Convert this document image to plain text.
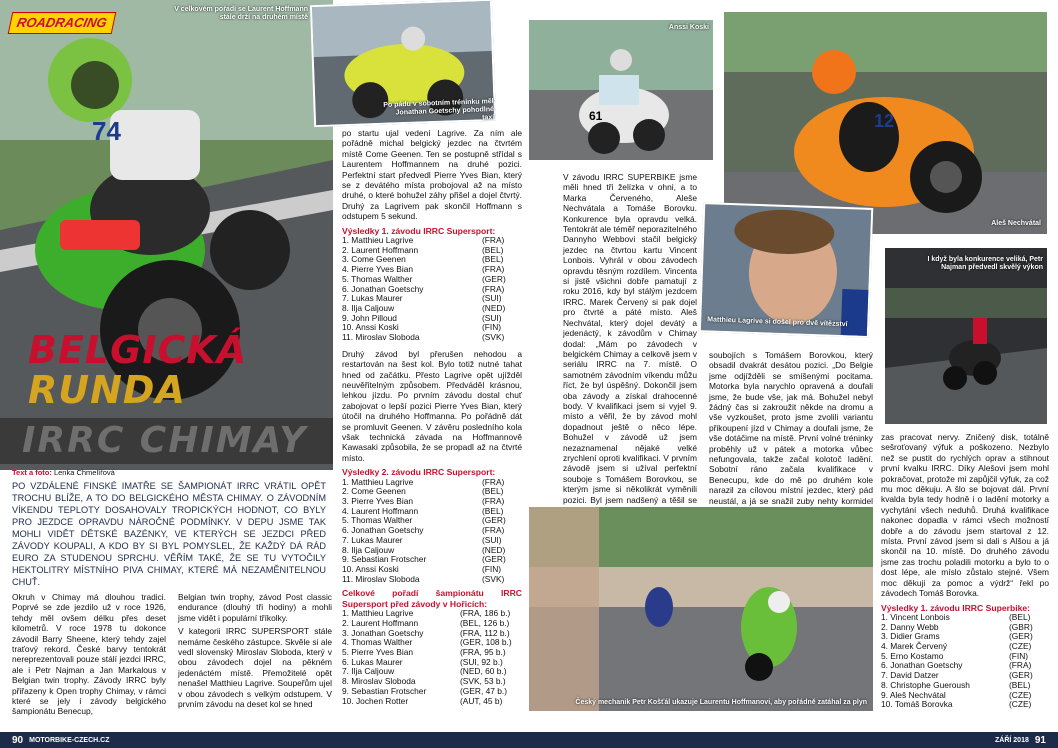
74
V celkovém pořadí se Laurent Hoffmann stále drží na druhém místě
Po pádu v sobotním tréninku měl Jonathan Goetschy pohodlné taxi
ROADRACING
BELGICKÁ
RUNDA
IRRC CHIMAY
Text a foto: Lenka Chmelířová
PO VZDÁLENÉ FINSKÉ IMATŘE SE ŠAMPIONÁT IRRC VRÁTIL OPĚT TROCHU BLÍŽE, A TO DO BELGICKÉHO MĚSTA CHIMAY. O ZÁVODNÍM VÍKENDU TEPLOTY DOSAHOVALY TROPICKÝCH HODNOT, CO BYLY PRO JEZDCE OPRAVDU NÁROČNÉ PODMÍNKY. V DEPU JSME TAK MOHLI VIDĚT DĚTSKÉ BAZÉNKY, VE KTERÝCH SE JEZDCI PŘED ZÁVODY KOUPALI, A KDO BY SI BYL POMYSLEL, ŽE KAŽDÝ DÁ RÁD EURO ZA STUDENOU SPRCHU. VĚŘÍM TAKÉ, ŽE SE TU VYTOČILY HEKTOLITRY MÍSTNÍHO PIVA CHIMAY, KTERÉ MÁ NEZAMĚNITELNOU CHUŤ.

Okruh v Chimay má dlouhou tradici. Poprvé se zde jezdilo už v roce 1926, tehdy měl ovšem délku přes deset kilometrů. V roce 1978 tu dokonce závodil Barry Sheene, který tehdy zajel traťový rekord. České barvy tentokrát nereprezentovali pouze stálí jezdci IRRC, ale i Petr Najman a Jan Markalous v Belgian twin trophy. Závody IRRC byly přiřazeny k Open trophy Chimay, v rámci které se jely i závody belgického šampionátu Benecup,

Belgian twin trophy, závod Post classic endurance (dlouhý tři hodiny) a mohli jsme vidět i populární tříkolky.

V kategorii IRRC SUPERSPORT stále nemáme českého zástupce. Skvěle si ale vedl slovenský Miroslav Sloboda, který v obou závodech dojel na pěkném jedenáctém místě. Přemožitelé opět nenašel Matthieu Lagrive. Soupeřům ujel v obou závodech s velkým odstupem. V prvním závodu na deset kol se hned

po startu ujal vedení Lagrive. Za ním ale pořádně michal belgický jezdec na čtvrtém místě Come Geenen. Ten se postupně střídal s Laurentem Hoffmannem na druhé pozici. Perfektní start předvedl Pierre Yves Bian, který se z devátého místa probojoval až na místo druhé, o které bohužel záhy přišel a dojel čtvrtý. Druhý za Lagrivem pak skončil Hoffmann s odstupem 5 sekund.

Výsledky 1. závodu IRRC Supersport:
1. Matthieu Lagrive	(FRA)
2. Laurent Hoffmann	(BEL)
3. Come Geenen	(BEL)
4. Pierre Yves Bian	(FRA)
5. Thomas Walther	(GER)
6. Jonathan Goetschy	(FRA)
7. Lukas Maurer	(SUI)
8. Ilja Caljouw	(NED)
9. John Pilloud	(SUI)
10. Anssi Koski	(FIN)
11. Miroslav Sloboda	(SVK)

Druhý závod byl přerušen nehodou a restartován na šest kol. Bylo totiž nutné tahat hned od začátku. Přesto Lagrive opět ujížděl neuvěřitelným způsobem. Předváděl krásnou, lehkou jízdu. Po prvním závodu dostal chuť zabojovat o lepší pozici Pierre Yves Bian, který útočil na druhého Hoffmanna. Po pořádně dát se promluvit Geenen. V závěru posledního kola však technická závada na Hoffmannově Kawasaki způsobila, že se propadl až na čtvrté místo.

Výsledky 2. závodu IRRC Supersport:
1. Matthieu Lagrive	(FRA)
2. Come Geenen	(BEL)
3. Pierre Yves Bian	(FRA)
4. Laurent Hoffmann	(BEL)
5. Thomas Walther	(GER)
6. Jonathan Goetschy	(FRA)
7. Lukas Maurer	(SUI)
8. Ilja Caljouw	(NED)
9. Sebastian Frotscher	(GER)
10. Anssi Koski	(FIN)
11. Miroslav Sloboda	(SVK)
Celkové pořadí šampionátu IRRC Supersport před závody v Hořicích:
1. Matthieu Lagrive	(FRA, 186 b.)
2. Laurent Hoffmann	(BEL, 126 b.)
3. Jonathan Goetschy	(FRA, 112 b.)
4. Thomas Walther	(GER, 108 b.)
5. Pierre Yves Bian	(FRA, 95 b.)
6. Lukas Maurer	(SUI, 92 b.)
7. Ilja Caljouw	(NED, 60 b.)
8. Miroslav Sloboda	(SVK, 53 b.)
9. Sebastian Frotscher	(GER, 47 b.)
10. Jochen Rotter	(AUT, 45 b)
90 MOTORBIKE-CZECH.CZ
61
Anssi Koski
12
Aleš Nechvátal
Matthieu Lagrive si došel pro dvě vítězství
I když byla konkurence veliká, Petr Najman předvedl skvělý výkon

V závodu IRRC SUPERBIKE jsme měli hned tři želízka v ohni, a to Marka Červeného, Aleše Nechvátala a Tomáše Borovku. Konkurence byla opravdu velká. Tentokrát ale téměř neporazitelného Dannyho Webbovi stačil belgický jezdec na čtvrtou kartu Vincent Lonbois. Vyhrál v obou závodech opravdu těsným rozdílem. Vincenta si jistě všichni dobře pamatují z roku 2016, kdy byl stálým jezdcem IRRC. Marek Červený si pak dojel pro čtvrté a páté místo. Aleš Nechvátal, který dojel devátý a jedenáctý, k závodům v Chimay dodal: „Mám po závodech v belgickém Chimay a celkově jsem v seriálu IRRC na 7. místě. O samotném závodním víkendu můžu říct, že byl úspěšný. Dokončil jsem oba závody a získal drahocenné body. V kvalifikaci jsem si vyjel 9. místo a věřil, že by závod mohl dopadnout ještě o něco lépe. Bohužel v závodě už jsem nezaznamenal nějaké velké zrychlení oproti kvalifikaci. V prvním závodě jsem si užíval perfektní souboje s Tomášem Borovkou, se kterým jsme si několikrát vyměnili pozici. Byl jsem nadšený a těšil se

soubojích s Tomášem Borovkou, který obsadil dvakrát desátou pozici. „Do Belgie jsme odjížděli se smíšenými pocitama. Motorka byla narychlo opravená a doufali jsme, že bude vše, jak má. Bohužel nebyl žádný čas si zakroužit někde na dromu a vše vyzkoušet, proto jsme zvolili variantu přikoupení jízd v Chimay a doufali jsme, že vše dotáčime na místě. První volné tréninky proběhly už v pátek a motorka vůbec nefungovala, takže začal kolotoč ladění. Sobotní ráno začala kvalifikace v Benecupu, kde do mě po druhém kole narazil za cílovou místní jezdec, který pád neustál, a já se snažil zuby nehty kormidel

Český mechanik Petr Košťál ukazuje Laurentu Hoffmanovi, aby pořádně zatáhal za plyn

zas pracovat nervy. Zničený disk, totálně sešroťovaný výfuk a poškozeno. Nezbylo než se pustit do rychlých oprav a stihnout první kvalku IRRC. Díky Alešovi jsem mohl pokračovat, protože mi zapůjčil výfuk, za což mu moc děkuju. A šlo se bojovat dál. První kvalda byla tedy hodně i o ladění motorky a vychytání všech neduhů. Druhá kvalifikace nakonec dopadla v rámci všech možností dobře a do závodu jsem startoval z 12. místa. První závod jsem si dali s Alšou a já skončil na 10. místě. Do druhého závodu jsme zas trochu poladili motorku a bylo to o dost lépe, ale míslo zůstalo stejné. Všem moc děkuji za pomoc a výdrž“ řekl po závodech Tomáš Borovka.

Výsledky 1. závodu IRRC Superbike:
1. Vincent Lonbois	(BEL)
2. Danny Webb	(GBR)
3. Didier Grams	(GER)
4. Marek Červený	(CZE)
5. Erno Kostamo	(FIN)
6. Jonathan Goetschy	(FRA)
7. David Datzer	(GER)
8. Christophe Gueroush	(BEL)
9. Aleš Nechvátal	(CZE)
10. Tomáš Borovka	(CZE)
ZÁŘÍ 2018 91
